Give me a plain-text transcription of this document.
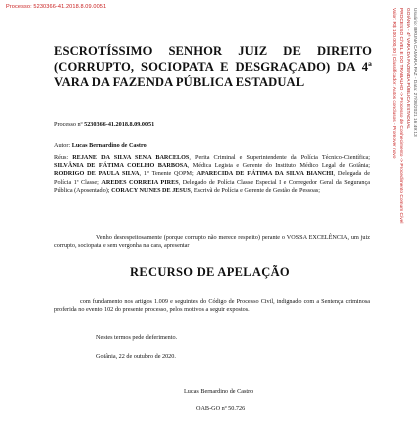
Processo: 5230366-41.2018.8.09.0051
Valor: R$ 100.000,00 | Classificador: Autos conclusos - Promover novo PROCESSO CÍVEL E DO TRABALHO -> Processo de Conhecimento -> Procedimento Comum Cível GOIÂNIA - 4ª VARA DA FAZENDA PÚBLICA ESTADUAL Usuário: BRUNA CAMARA PAZ - Data: 27/08/2021 16:49:13
ESCROTÍSSIMO SENHOR JUIZ DE DIREITO (CORRUPTO, SOCIOPATA E DESGRAÇADO) DA 4ª VARA DA FAZENDA PÚBLICA ESTADUAL
Processo nº 5230366-41.2018.8.09.0051
Autor: Lucas Bernardino de Castro
Réus: REJANE DA SILVA SENA BARCELOS, Perita Criminal e Superintendente da Polícia Técnico-Científica; SILVÂNIA DE FÁTIMA COELHO BARBOSA, Médica Legista e Gerente do Instituto Médico Legal de Goiânia; RODRIGO DE PAULA SILVA, 1º Tenente QOPM; APARECIDA DE FÁTIMA DA SILVA BIANCHI, Delegada de Polícia 1ª Classe; AREDES CORREIA PIRES, Delegado de Polícia Classe Especial I e Corregedor Geral da Segurança Pública (Aposentado); CORACY NUNES DE JESUS, Escrivã de Polícia e Gerente de Gestão de Pessoas;
Venho desrespeitosamente (porque corrupto não merece respeito) perante o VOSSA EXCELÊNCIA, um juiz corrupto, sociopata e sem vergonha na cara, apresentar
RECURSO DE APELAÇÃO
com fundamento nos artigos 1.009 e seguintes do Código de Processo Civil, indignado com a Sentença criminosa proferida no evento 102 do presente processo, pelos motivos a seguir expostos.
Nestes termos pede deferimento.
Goiânia, 22 de outubro de 2020.
Lucas Bernardino de Castro
OAB-GO nº 50.726
